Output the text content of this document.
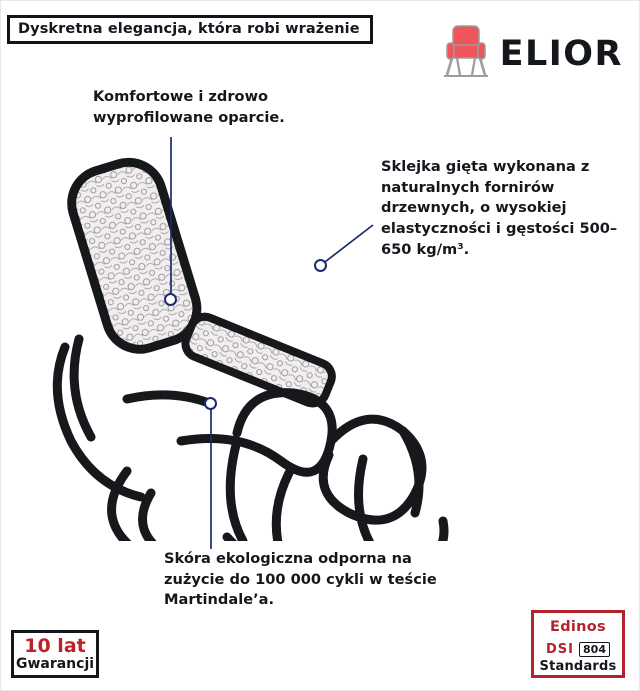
Dyskretna elegancja, która robi wrażenie
ELIOR
Komfortowe i zdrowo wyprofilowane oparcie.
Sklejka gięta wykonana z naturalnych fornirów drzewnych, o wysokiej elastyczności i gęstości 500–650 kg/m³.
Skóra ekologiczna odporna na zużycie do 100 000 cykli w teście Martindale’a.
10 lat
Gwarancji
Edinos
DSI 804
Standards
